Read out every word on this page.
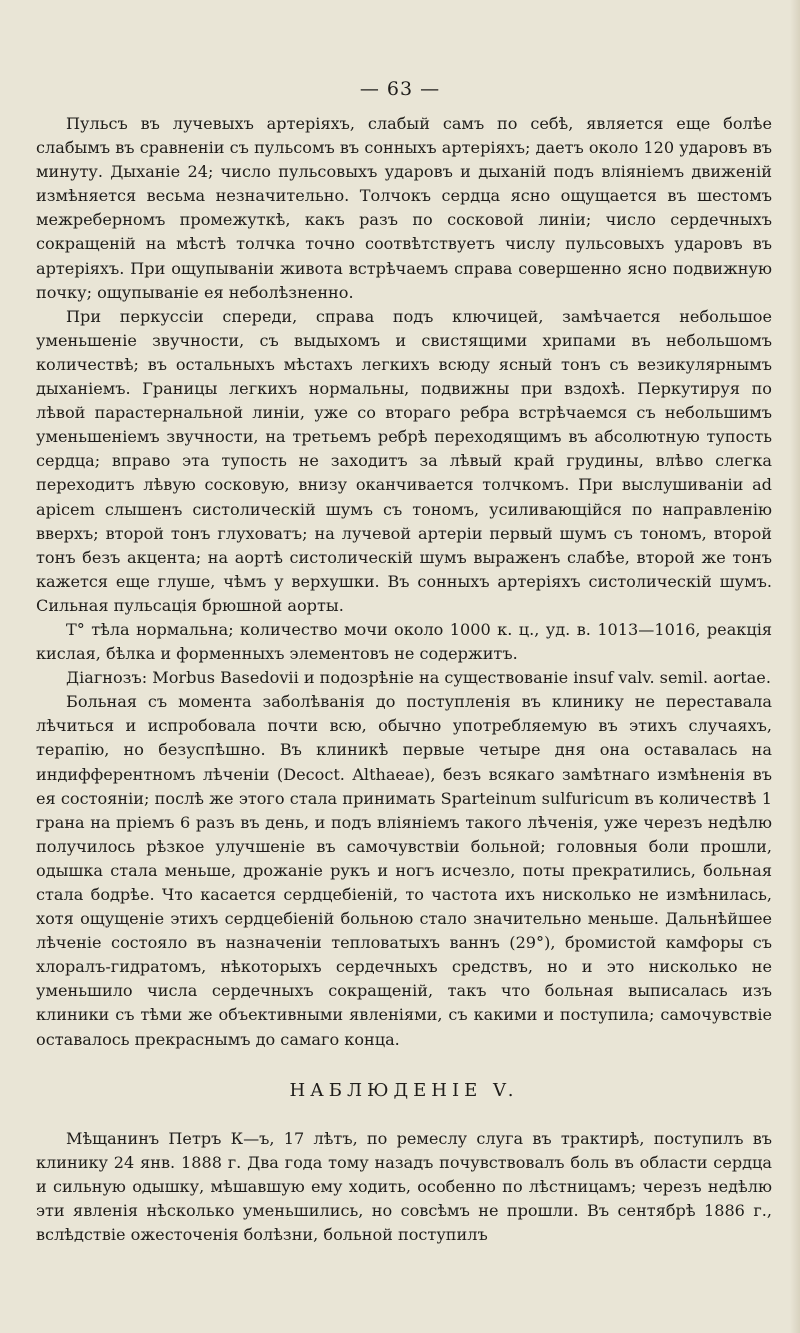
— 63 —

Пульсъ въ лучевыхъ артеріяхъ, слабый самъ по себѣ, является еще болѣе слабымъ въ сравненіи съ пульсомъ въ сонныхъ артеріяхъ; даетъ около 120 ударовъ въ минуту. Дыханіе 24; число пульсовыхъ ударовъ и дыханій подъ вліяніемъ движеній измѣняется весьма незначительно. Толчокъ сердца ясно ощущается въ шестомъ межреберномъ промежуткѣ, какъ разъ по сосковой линіи; число сердечныхъ сокращеній на мѣстѣ толчка точно соотвѣтствуетъ числу пульсовыхъ ударовъ въ артеріяхъ. При ощупываніи живота встрѣчаемъ справа совершенно ясно подвижную почку; ощупываніе ея неболѣзненно.

При перкуссіи спереди, справа подъ ключицей, замѣчается небольшое уменьшеніе звучности, съ выдыхомъ и свистящими хрипами въ небольшомъ количествѣ; въ остальныхъ мѣстахъ легкихъ всюду ясный тонъ съ везикулярнымъ дыханіемъ. Границы легкихъ нормальны, подвижны при вздохѣ. Перкутируя по лѣвой парастернальной линіи, уже со втораго ребра встрѣчаемся съ небольшимъ уменьшеніемъ звучности, на третьемъ ребрѣ переходящимъ въ абсолютную тупость сердца; вправо эта тупость не заходитъ за лѣвый край грудины, влѣво слегка переходитъ лѣвую сосковую, внизу оканчивается толчкомъ. При выслушиваніи ad apicem слышенъ систолическій шумъ съ тономъ, усиливающійся по направленію вверхъ; второй тонъ глуховатъ; на лучевой артеріи первый шумъ съ тономъ, второй тонъ безъ акцента; на аортѣ систолическій шумъ выраженъ слабѣе, второй же тонъ кажется еще глуше, чѣмъ у верхушки. Въ сонныхъ артеріяхъ систолическій шумъ. Сильная пульсація брюшной аорты.

T° тѣла нормальна; количество мочи около 1000 к. ц., уд. в. 1013—1016, реакція кислая, бѣлка и форменныхъ элементовъ не содержитъ.

Діагнозъ: Morbus Basedovii и подозрѣніе на существованіе insuf valv. semil. aortae.

Больная съ момента заболѣванія до поступленія въ клинику не переставала лѣчиться и испробовала почти всю, обычно употребляемую въ этихъ случаяхъ, терапію, но безуспѣшно. Въ клиникѣ первые четыре дня она оставалась на индифферентномъ лѣченіи (Decoct. Althaeae), безъ всякаго замѣтнаго измѣненія въ ея состояніи; послѣ же этого стала принимать Spartеinum sulfuricum въ количествѣ 1 грана на пріемъ 6 разъ въ день, и подъ вліяніемъ такого лѣченія, уже черезъ недѣлю получилось рѣзкое улучшеніе въ самочувствіи больной; головныя боли прошли, одышка стала меньше, дрожаніе рукъ и ногъ исчезло, поты прекратились, больная стала бодрѣе. Что касается сердцебіеній, то частота ихъ нисколько не измѣнилась, хотя ощущеніе этихъ сердцебіеній больною стало значительно меньше. Дальнѣйшее лѣченіе состояло въ назначеніи тепловатыхъ ваннъ (29°), бромистой камфоры съ хлоралъ-гидратомъ, нѣкоторыхъ сердечныхъ средствъ, но и это нисколько не уменьшило числа сердечныхъ сокращеній, такъ что больная выписалась изъ клиники съ тѣми же объективными явленіями, съ какими и поступила; самочувствіе оставалось прекраснымъ до самаго конца.

НАБЛЮДЕНІЕ V.

Мѣщанинъ Петръ К—ъ, 17 лѣтъ, по ремеслу слуга въ трактирѣ, поступилъ въ клинику 24 янв. 1888 г. Два года тому назадъ почувствовалъ боль въ области сердца и сильную одышку, мѣшавшую ему ходить, особенно по лѣстницамъ; черезъ недѣлю эти явленія нѣсколько уменьшились, но совсѣмъ не прошли. Въ сентябрѣ 1886 г., вслѣдствіе ожесточенія болѣзни, больной поступилъ
